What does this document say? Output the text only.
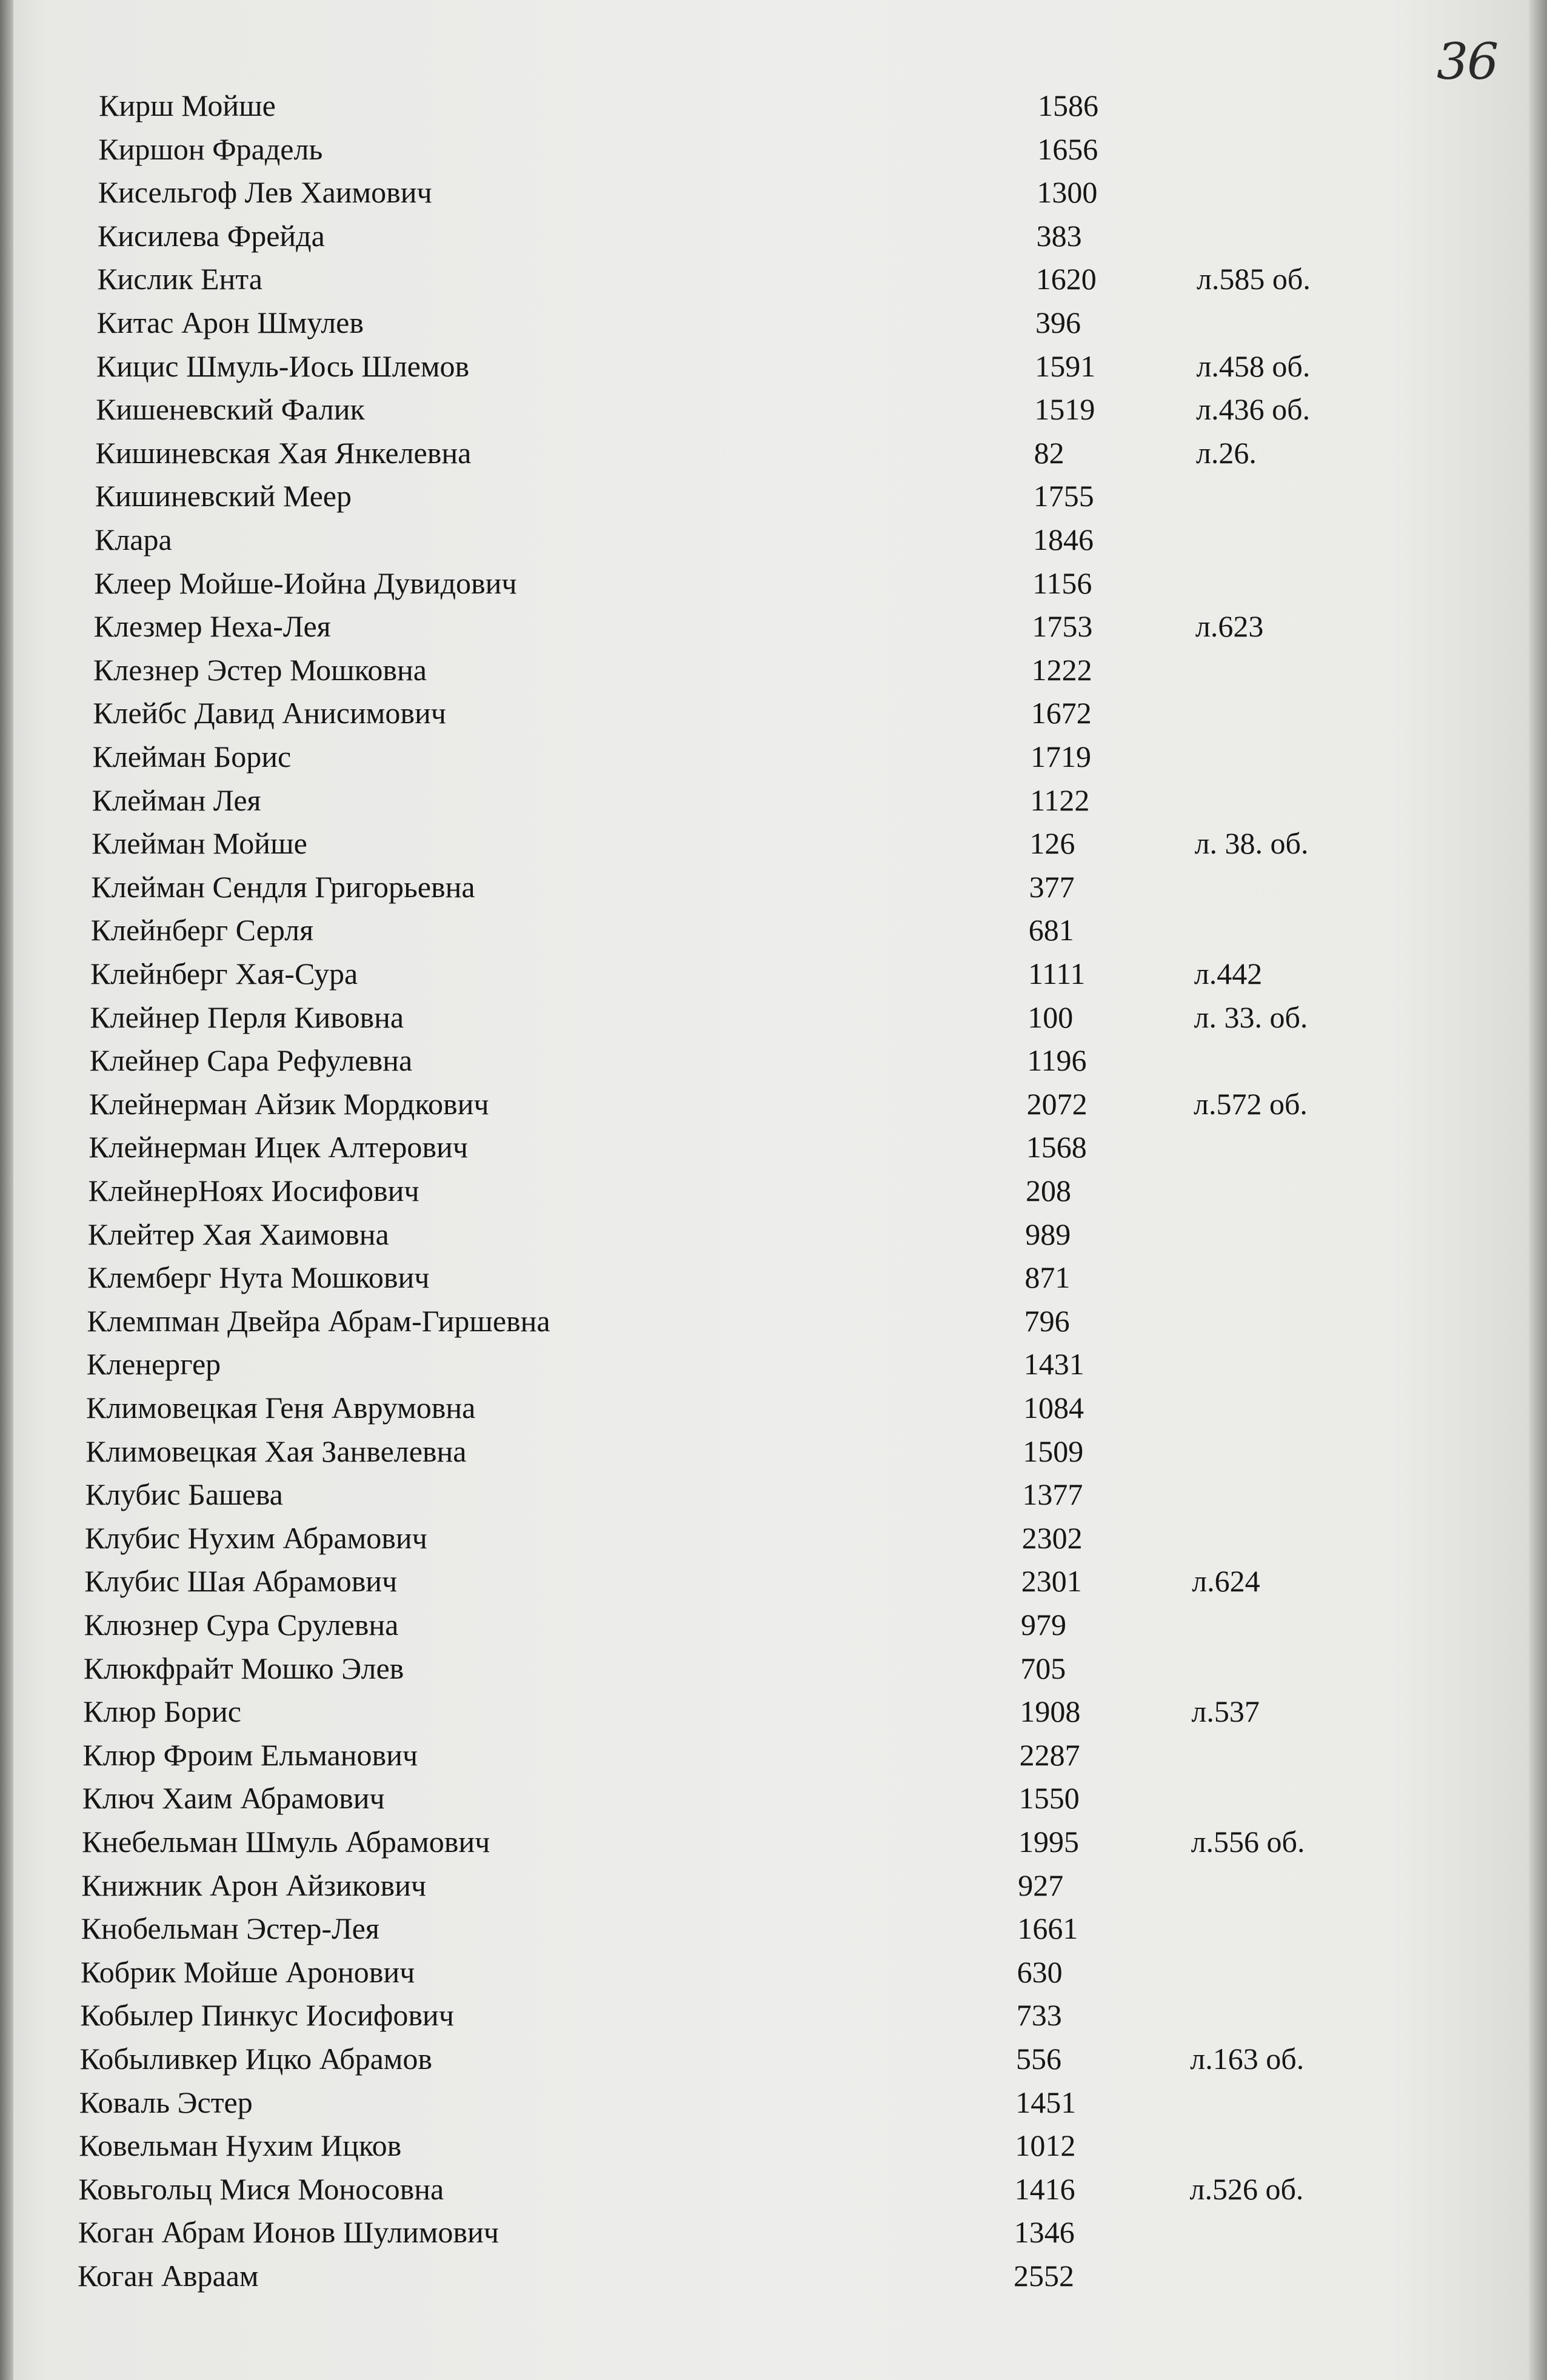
36
Кирш Мойше	1586
Киршон Фрадель	1656
Кисельгоф Лев Хаимович	1300
Кисилева Фрейда	383
Кислик Ента	1620	л.585 об.
Китас Арон Шмулев	396
Кицис Шмуль-Иось Шлемов	1591	л.458 об.
Кишеневский Фалик	1519	л.436 об.
Кишиневская Хая Янкелевна	82	л.26.
Кишиневский Меер	1755
Клара	1846
Клеер Мойше-Иойна Дувидович	1156
Клезмер Неха-Лея	1753	л.623
Клезнер Эстер Мошковна	1222
Клейбс Давид Анисимович	1672
Клейман Борис	1719
Клейман Лея	1122
Клейман Мойше	126	л. 38. об.
Клейман Сендля Григорьевна	377
Клейнберг Серля	681
Клейнберг Хая-Сура	1111	л.442
Клейнер Перля Кивовна	100	л. 33. об.
Клейнер Сара Рефулевна	1196
Клейнерман Айзик Мордкович	2072	л.572 об.
Клейнерман Ицек Алтерович	1568
КлейнерНоях Иосифович	208
Клейтер Хая Хаимовна	989
Клемберг Нута Мошкович	871
Клемпман Двейра Абрам-Гиршевна	796
Кленергер	1431
Климовецкая Геня Аврумовна	1084
Климовецкая Хая Занвелевна	1509
Клубис Башева	1377
Клубис Нухим Абрамович	2302
Клубис Шая Абрамович	2301	л.624
Клюзнер Сура Срулевна	979
Клюкфрайт Мошко Элев	705
Клюр Борис	1908	л.537
Клюр Фроим Ельманович	2287
Ключ Хаим Абрамович	1550
Кнебельман Шмуль Абрамович	1995	л.556 об.
Книжник Арон Айзикович	927
Кнобельман Эстер-Лея	1661
Кобрик Мойше Аронович	630
Кобылер Пинкус Иосифович	733
Кобыливкер Ицко Абрамов	556	л.163 об.
Коваль Эстер	1451
Ковельман Нухим Ицков	1012
Ковьгольц Мися Моносовна	1416	л.526 об.
Коган Абрам Ионов Шулимович	1346
Коган Авраам	2552
